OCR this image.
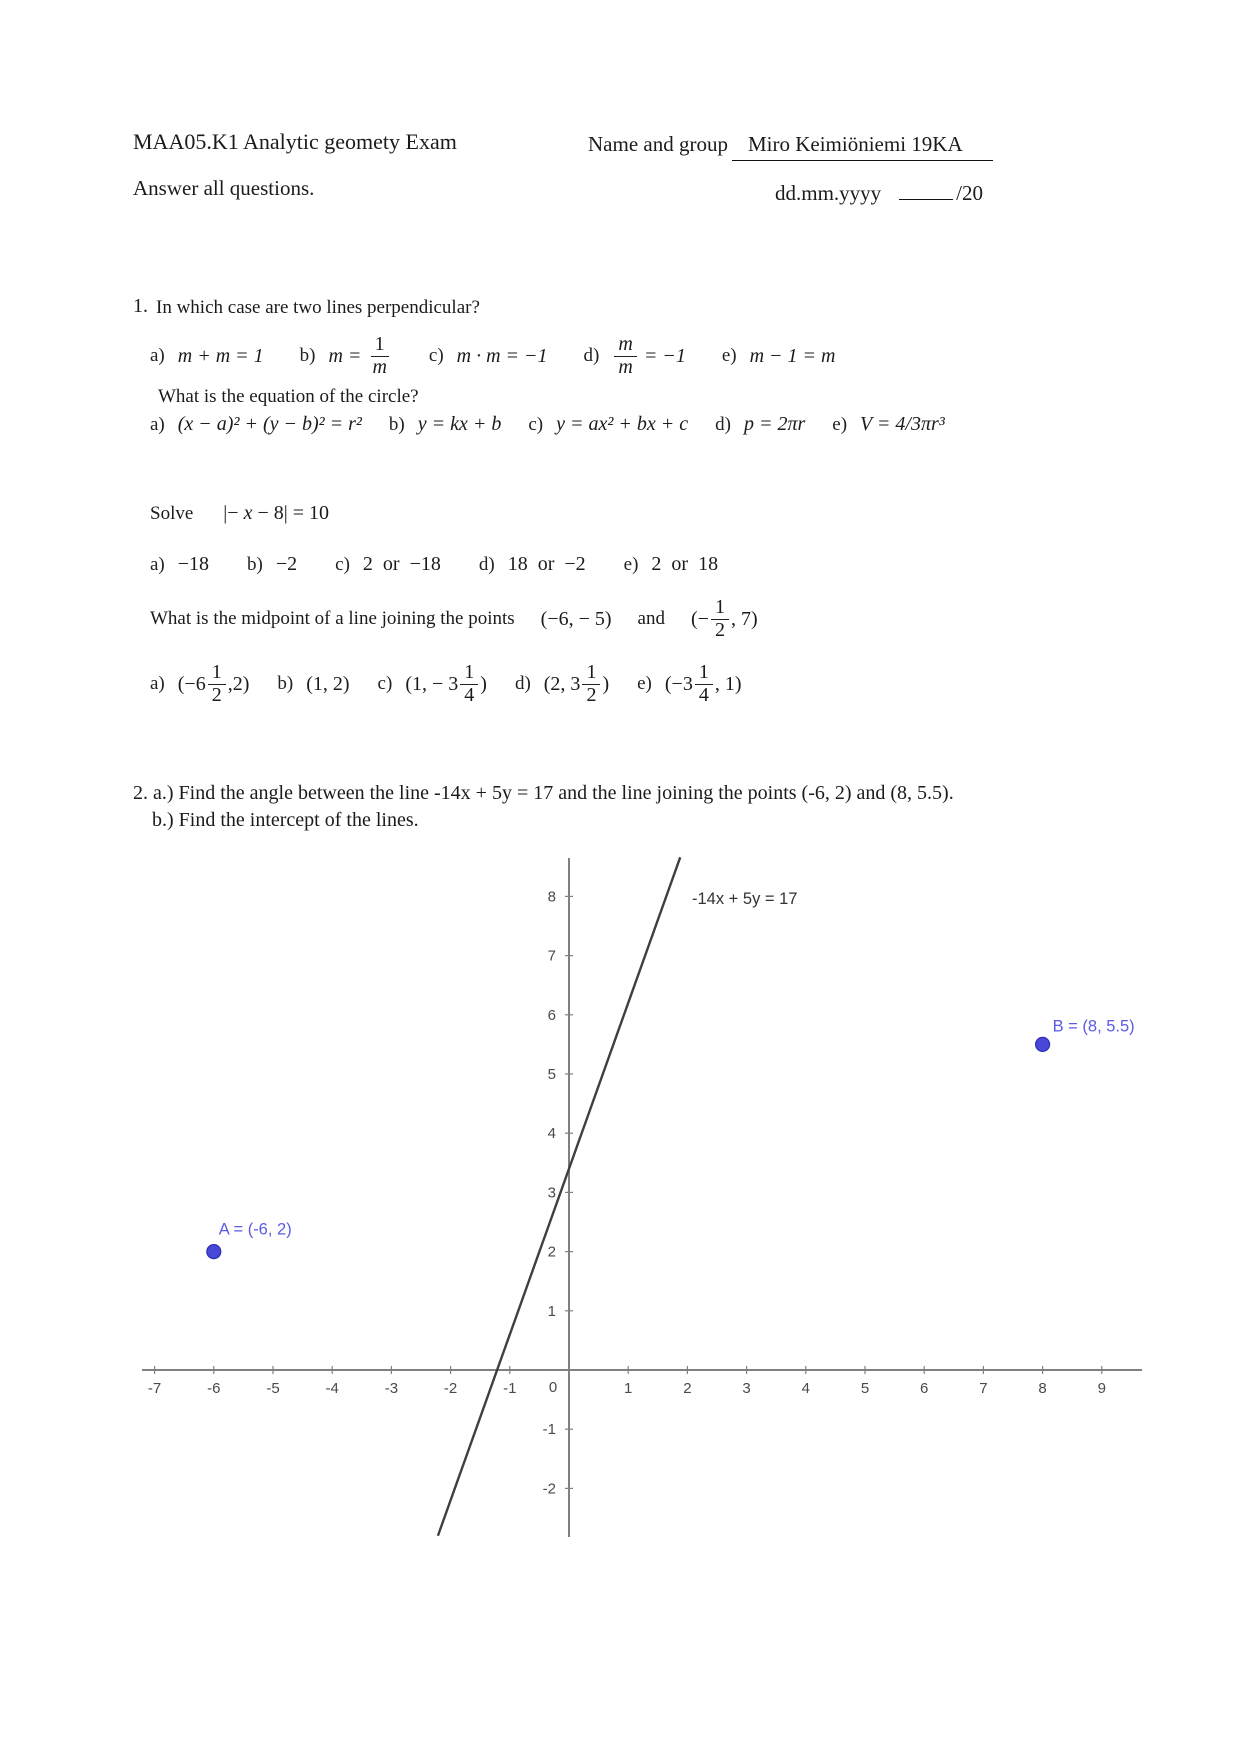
MAA05.K1 Analytic geomety Exam	Name and group Miro Keimiöniemi 19KA
Answer all questions.	dd.mm.yyyy	/20
1. In which case are two lines perpendicular?
a) m + m = 1 b) $m = \frac{1}{m} c$) m · m = −1 $d) \frac{m}{m} = -1$ e) m − 1 = m
What is the equation of the circle?
a) (x − a)² + (y − b)² = r² b) y = kx + b c) y = ax² + bx + c d) p = 2πr e) V = 4/3πr³
Solve |− x − 8| = 10
a) −18 b) −2 c) 2  or  −18 d) 18  or  −2 e) 2  or  18
What is the midpoint of a line joining the points (−6, − 5) and (− $\frac{1}{2}$ , 7)
a) $(-6 \frac{1}{2} ,2)$ b) (1, 2) c) (1, − $3 \frac{1}{4}$ ) d) (2, $3 \frac{1}{2}$ ) e) ($-3 \frac{1}{4}$ , 1)
2. a.) Find the angle between the line -14x + 5y = 17 and the line joining the points (-6, 2) and (8, 5.5).
b.) Find the intercept of the lines.
-7	-6	-5	-4	-3	-2	-1 0	1	2	3	4	5	6	7	8	9
8
7
6
5
4
3
2
1
-1
-2
-14x + 5y = 17
A = (-6, 2)
B = (8, 5.5)
